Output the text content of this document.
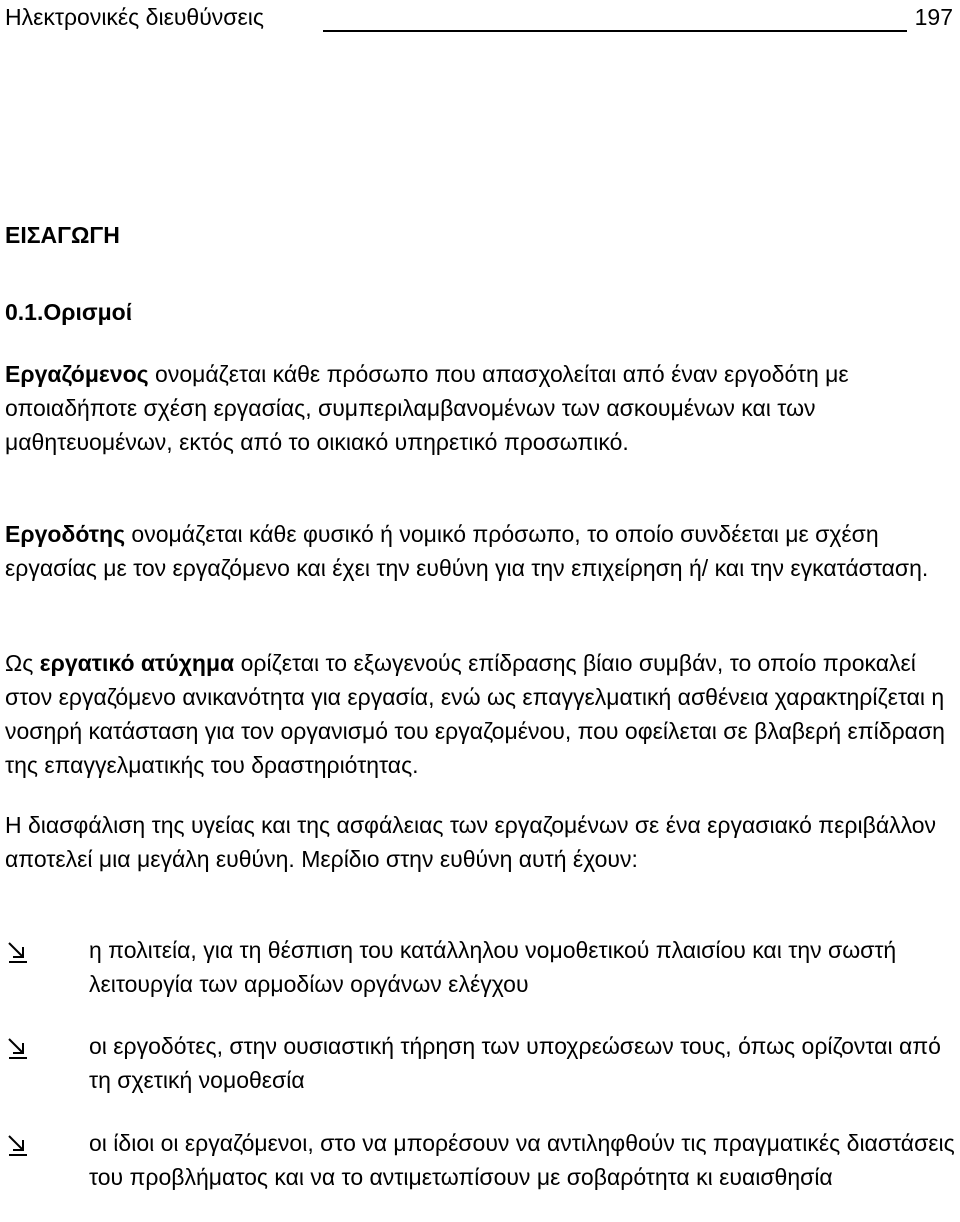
Ηλεκτρονικές διευθύνσεις	197
ΕΙΣΑΓΩΓΗ
0.1.Ορισμοί

Εργαζόμενος ονομάζεται κάθε πρόσωπο που απασχολείται από έναν εργοδότη με οποιαδήποτε σχέση εργασίας, συμπεριλαμβανομένων των ασκουμένων και των μαθητευομένων, εκτός από το οικιακό υπηρετικό προσωπικό.

Εργοδότης ονομάζεται κάθε φυσικό ή νομικό πρόσωπο, το οποίο συνδέεται με σχέση εργασίας με τον εργαζόμενο και έχει την ευθύνη για την επιχείρηση ή/ και την εγκατάσταση.

Ως εργατικό ατύχημα ορίζεται το εξωγενούς επίδρασης βίαιο συμβάν, το οποίο προκαλεί στον εργαζόμενο ανικανότητα για εργασία, ενώ ως επαγγελματική ασθένεια χαρακτηρίζεται η νοσηρή κατάσταση για τον οργανισμό του εργαζομένου, που οφείλεται σε βλαβερή επίδραση της επαγγελματικής του δραστηριότητας.

Η διασφάλιση της υγείας και της ασφάλειας των εργαζομένων σε ένα εργασιακό περιβάλλον αποτελεί μια μεγάλη ευθύνη. Μερίδιο στην ευθύνη αυτή έχουν:

η πολιτεία, για τη θέσπιση του κατάλληλου νομοθετικού πλαισίου και την σωστή λειτουργία των αρμοδίων οργάνων ελέγχου
οι εργοδότες, στην ουσιαστική τήρηση των υποχρεώσεων τους, όπως ορίζονται από τη σχετική νομοθεσία
οι ίδιοι οι εργαζόμενοι, στο να μπορέσουν να αντιληφθούν τις πραγματικές διαστάσεις του προβλήματος και να το αντιμετωπίσουν με σοβαρότητα κι ευαισθησία
